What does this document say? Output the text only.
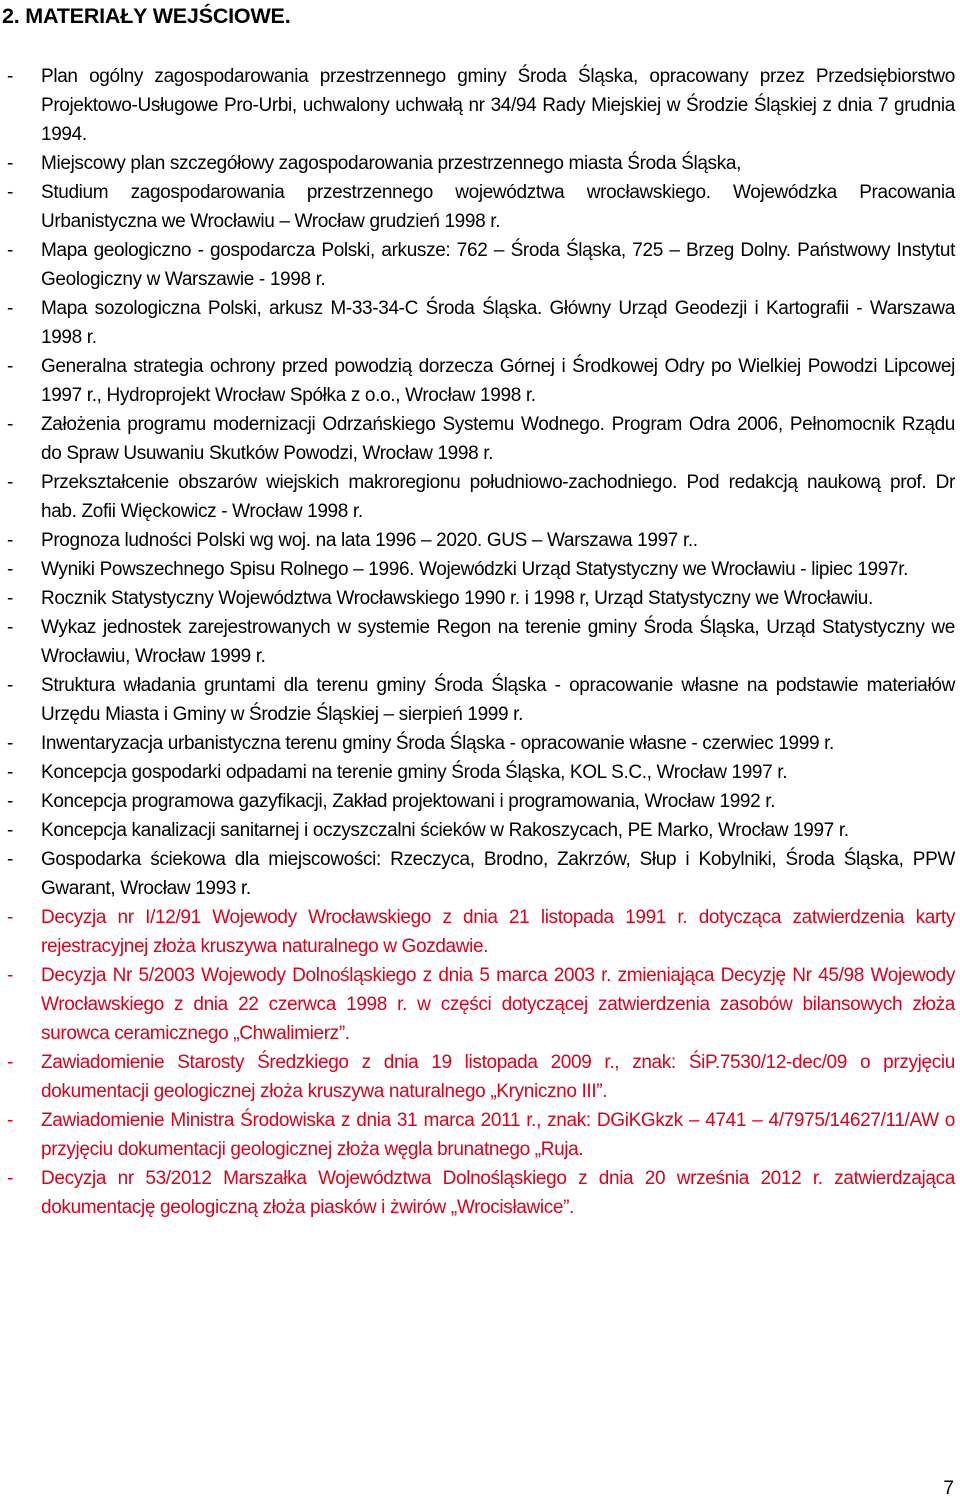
2. MATERIAŁY WEJŚCIOWE.
- Plan ogólny zagospodarowania przestrzennego gminy Środa Śląska, opracowany przez Przedsiębiorstwo Projektowo-Usługowe Pro-Urbi, uchwalony uchwałą nr 34/94 Rady Miejskiej w Środzie Śląskiej z dnia 7 grudnia 1994.
- Miejscowy plan szczegółowy zagospodarowania przestrzennego miasta Środa Śląska,
- Studium zagospodarowania przestrzennego województwa wrocławskiego. Wojewódzka Pracowania Urbanistyczna we Wrocławiu – Wrocław grudzień 1998 r.
- Mapa geologiczno - gospodarcza Polski, arkusze: 762 – Środa Śląska, 725 – Brzeg Dolny. Państwowy Instytut Geologiczny w Warszawie - 1998 r.
- Mapa sozologiczna Polski, arkusz M-33-34-C Środa Śląska. Główny Urząd Geodezji i Kartografii - Warszawa 1998 r.
- Generalna strategia ochrony przed powodzią dorzecza Górnej i Środkowej Odry po Wielkiej Powodzi Lipcowej 1997 r., Hydroprojekt Wrocław Spółka z o.o., Wrocław 1998 r.
- Założenia programu modernizacji Odrzańskiego Systemu Wodnego. Program Odra 2006, Pełnomocnik Rządu do Spraw Usuwaniu Skutków Powodzi, Wrocław 1998 r.
- Przekształcenie obszarów wiejskich makroregionu południowo-zachodniego. Pod redakcją naukową prof. Dr hab. Zofii Więckowicz - Wrocław 1998 r.
- Prognoza ludności Polski wg woj. na lata 1996 – 2020. GUS – Warszawa 1997 r..
- Wyniki Powszechnego Spisu Rolnego – 1996. Wojewódzki Urząd Statystyczny we Wrocławiu - lipiec 1997r.
- Rocznik Statystyczny Województwa Wrocławskiego 1990 r. i 1998 r, Urząd Statystyczny we Wrocławiu.
- Wykaz jednostek zarejestrowanych w systemie Regon na terenie gminy Środa Śląska, Urząd Statystyczny we Wrocławiu, Wrocław 1999 r.
- Struktura władania gruntami dla terenu gminy Środa Śląska - opracowanie własne na podstawie materiałów Urzędu Miasta i Gminy w Środzie Śląskiej – sierpień 1999 r.
- Inwentaryzacja urbanistyczna terenu gminy Środa Śląska - opracowanie własne - czerwiec 1999 r.
- Koncepcja gospodarki odpadami na terenie gminy Środa Śląska, KOL S.C., Wrocław 1997 r.
- Koncepcja programowa gazyfikacji, Zakład projektowani i programowania, Wrocław 1992 r.
- Koncepcja kanalizacji sanitarnej i oczyszczalni ścieków w Rakoszycach, PE Marko, Wrocław 1997 r.
- Gospodarka ściekowa dla miejscowości: Rzeczyca, Brodno, Zakrzów, Słup i Kobylniki, Środa Śląska, PPW Gwarant, Wrocław 1993 r.
- Decyzja nr I/12/91 Wojewody Wrocławskiego z dnia 21 listopada 1991 r. dotycząca zatwierdzenia karty rejestracyjnej złoża kruszywa naturalnego w Gozdawie.
- Decyzja Nr 5/2003 Wojewody Dolnośląskiego z dnia 5 marca 2003 r. zmieniająca Decyzję Nr 45/98 Wojewody Wrocławskiego z dnia 22 czerwca 1998 r. w części dotyczącej zatwierdzenia zasobów bilansowych złoża surowca ceramicznego „Chwalimierz”.
- Zawiadomienie Starosty Średzkiego z dnia 19 listopada 2009 r., znak: ŚiP.7530/12-dec/09 o przyjęciu dokumentacji geologicznej złoża kruszywa naturalnego „Kryniczno III”.
- Zawiadomienie Ministra Środowiska z dnia 31 marca 2011 r., znak: DGiKGkzk – 4741 – 4/7975/14627/11/AW o przyjęciu dokumentacji geologicznej złoża węgla brunatnego „Ruja.
- Decyzja nr 53/2012 Marszałka Województwa Dolnośląskiego z dnia 20 września 2012 r. zatwierdzająca dokumentację geologiczną złoża piasków i żwirów „Wrocisławice”.
7
